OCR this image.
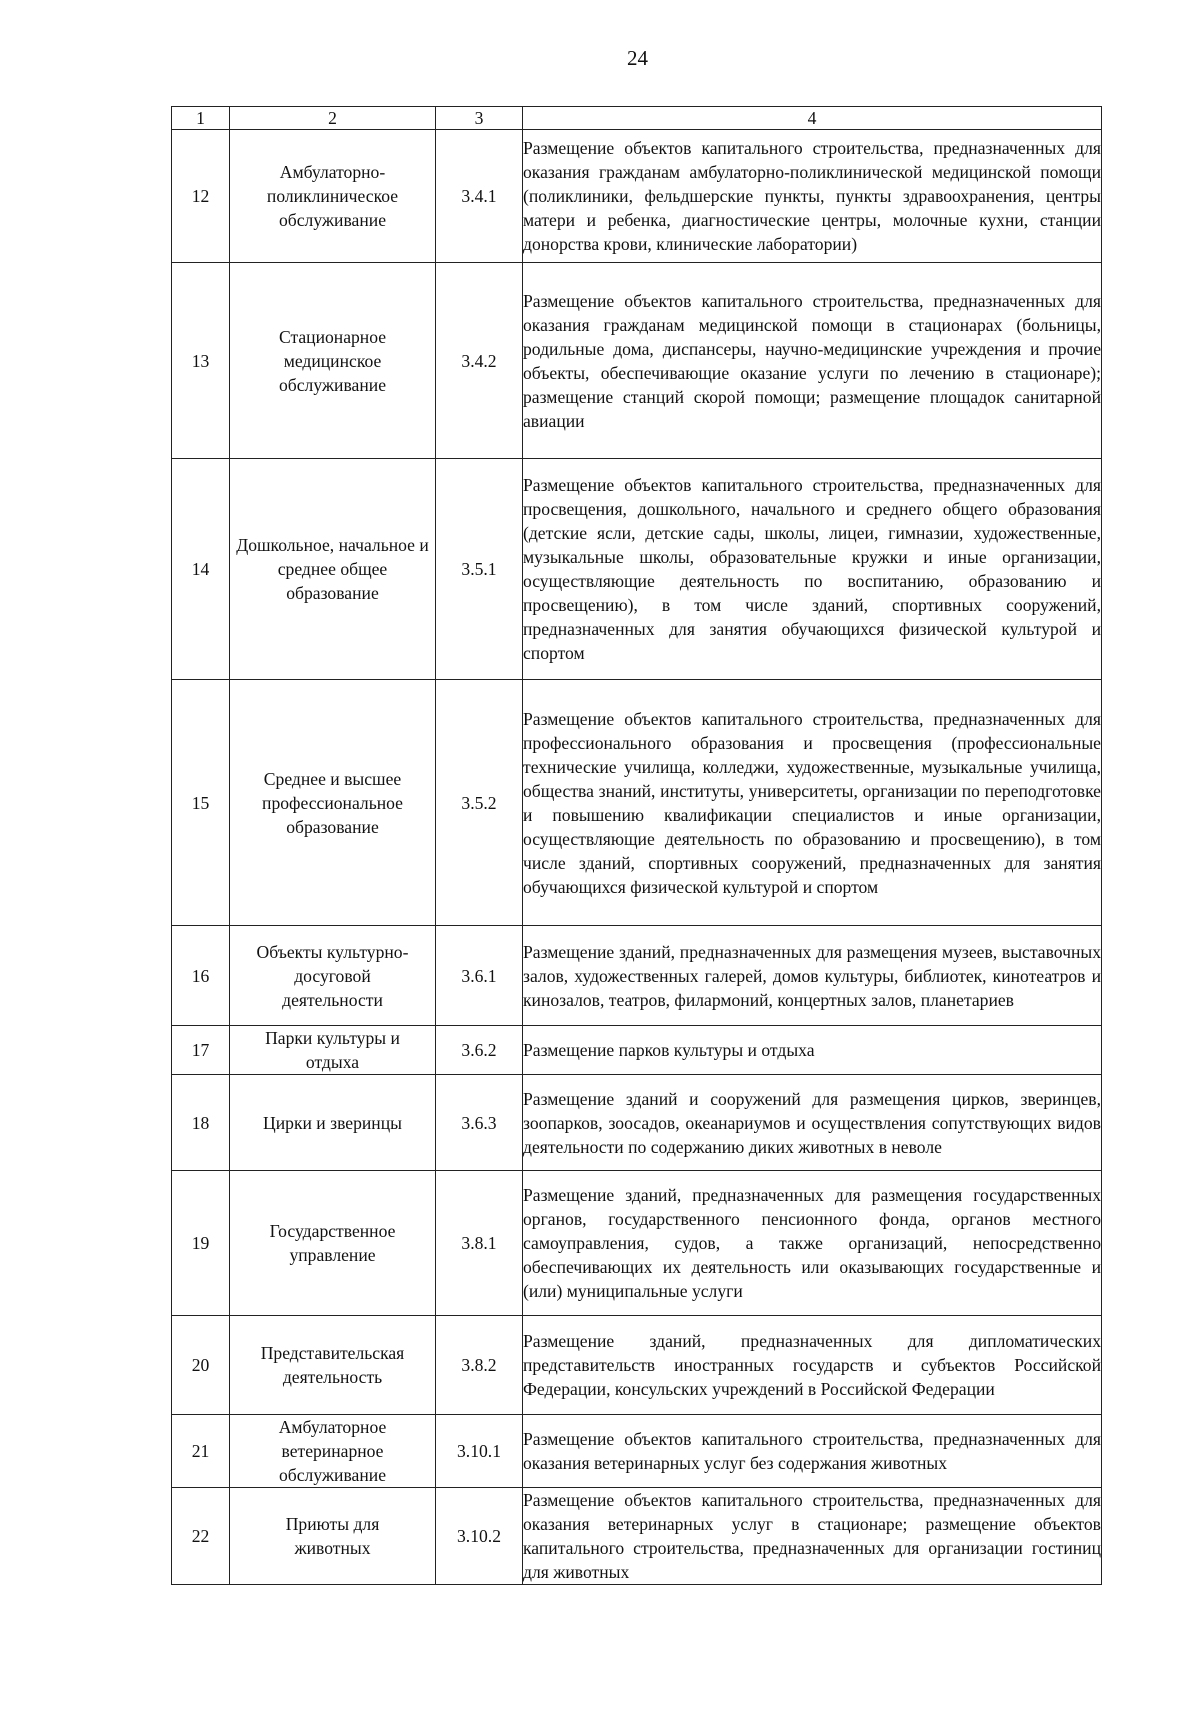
24
1	2	3	4
12	Амбулаторно-поликлиническое обслуживание	3.4.1	Размещение объектов капитального строительства, предназначенных для оказания гражданам амбулаторно-поликлинической медицинской помощи (поликлиники, фельдшерские пункты, пункты здравоохранения, центры матери и ребенка, диагностические центры, молочные кухни, станции донорства крови, клинические лаборатории)
13	Стационарное медицинское обслуживание	3.4.2	Размещение объектов капитального строительства, предназначенных для оказания гражданам медицинской помощи в стационарах (больницы, родильные дома, диспансеры, научно-медицинские учреждения и прочие объекты, обеспечивающие оказание услуги по лечению в стационаре); размещение станций скорой помощи; размещение площадок санитарной авиации
14	Дошкольное, начальное и среднее общее образование	3.5.1	Размещение объектов капитального строительства, предназначенных для просвещения, дошкольного, начального и среднего общего образования (детские ясли, детские сады, школы, лицеи, гимназии, художественные, музыкальные школы, образовательные кружки и иные организации, осуществляющие деятельность по воспитанию, образованию и просвещению), в том числе зданий, спортивных сооружений, предназначенных для занятия обучающихся физической культурой и спортом
15	Среднее и высшее профессиональное образование	3.5.2	Размещение объектов капитального строительства, предназначенных для профессионального образования и просвещения (профессиональные технические училища, колледжи, художественные, музыкальные училища, общества знаний, институты, университеты, организации по переподготовке и повышению квалификации специалистов и иные организации, осуществляющие деятельность по образованию и просвещению), в том числе зданий, спортивных сооружений, предназначенных для занятия обучающихся физической культурой и спортом
16	Объекты культурно-досуговой деятельности	3.6.1	Размещение зданий, предназначенных для размещения музеев, выставочных залов, художественных галерей, домов культуры, библиотек, кинотеатров и кинозалов, театров, филармоний, концертных залов, планетариев
17	Парки культуры и отдыха	3.6.2	Размещение парков культуры и отдыха
18	Цирки и зверинцы	3.6.3	Размещение зданий и сооружений для размещения цирков, зверинцев, зоопарков, зоосадов, океанариумов и осуществления сопутствующих видов деятельности по содержанию диких животных в неволе
19	Государственное управление	3.8.1	Размещение зданий, предназначенных для размещения государственных органов, государственного пенсионного фонда, органов местного самоуправления, судов, а также организаций, непосредственно обеспечивающих их деятельность или оказывающих государственные и (или) муниципальные услуги
20	Представительская деятельность	3.8.2	Размещение зданий, предназначенных для дипломатических представительств иностранных государств и субъектов Российской Федерации, консульских учреждений в Российской Федерации
21	Амбулаторное ветеринарное обслуживание	3.10.1	Размещение объектов капитального строительства, предназначенных для оказания ветеринарных услуг без содержания животных
22	Приюты для животных	3.10.2	Размещение объектов капитального строительства, предназначенных для оказания ветеринарных услуг в стационаре; размещение объектов капитального строительства, предназначенных для организации гостиниц для животных
